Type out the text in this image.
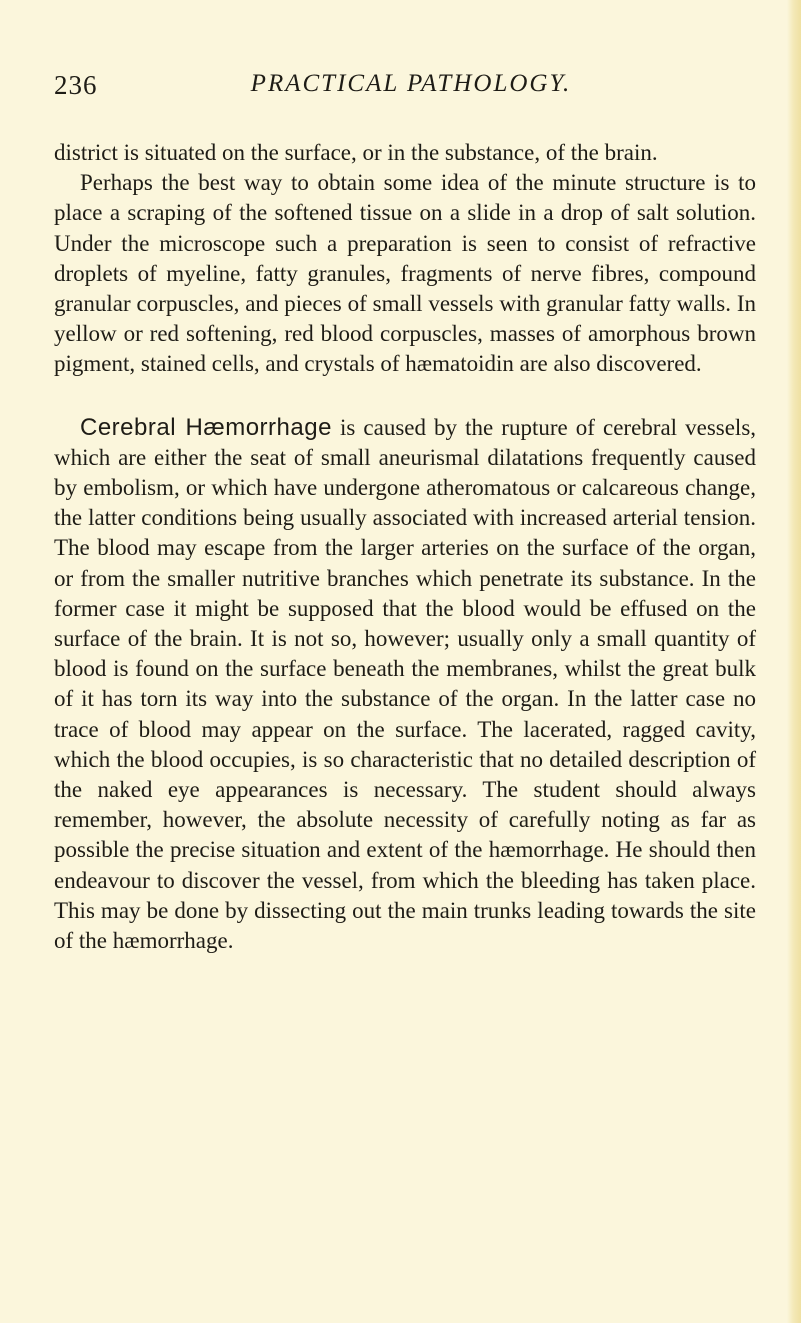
236	PRACTICAL PATHOLOGY.

district is situated on the surface, or in the substance, of the brain.

Perhaps the best way to obtain some idea of the minute structure is to place a scraping of the softened tissue on a slide in a drop of salt solution. Under the microscope such a preparation is seen to consist of refractive droplets of myeline, fatty granules, fragments of nerve fibres, compound granular corpuscles, and pieces of small vessels with granular fatty walls. In yellow or red softening, red blood corpuscles, masses of amorphous brown pigment, stained cells, and crystals of hæmatoidin are also discovered.

Cerebral Hæmorrhage is caused by the rupture of cerebral vessels, which are either the seat of small aneurismal dilatations frequently caused by embolism, or which have undergone atheromatous or calcareous change, the latter conditions being usually associated with increased arterial tension. The blood may escape from the larger arteries on the surface of the organ, or from the smaller nutritive branches which penetrate its substance. In the former case it might be supposed that the blood would be effused on the surface of the brain. It is not so, however; usually only a small quantity of blood is found on the surface beneath the membranes, whilst the great bulk of it has torn its way into the substance of the organ. In the latter case no trace of blood may appear on the surface. The lacerated, ragged cavity, which the blood occupies, is so characteristic that no detailed description of the naked eye appearances is necessary. The student should always remember, however, the absolute necessity of carefully noting as far as possible the precise situation and extent of the hæmorrhage. He should then endeavour to discover the vessel, from which the bleeding has taken place. This may be done by dissecting out the main trunks leading towards the site of the hæmorrhage.
